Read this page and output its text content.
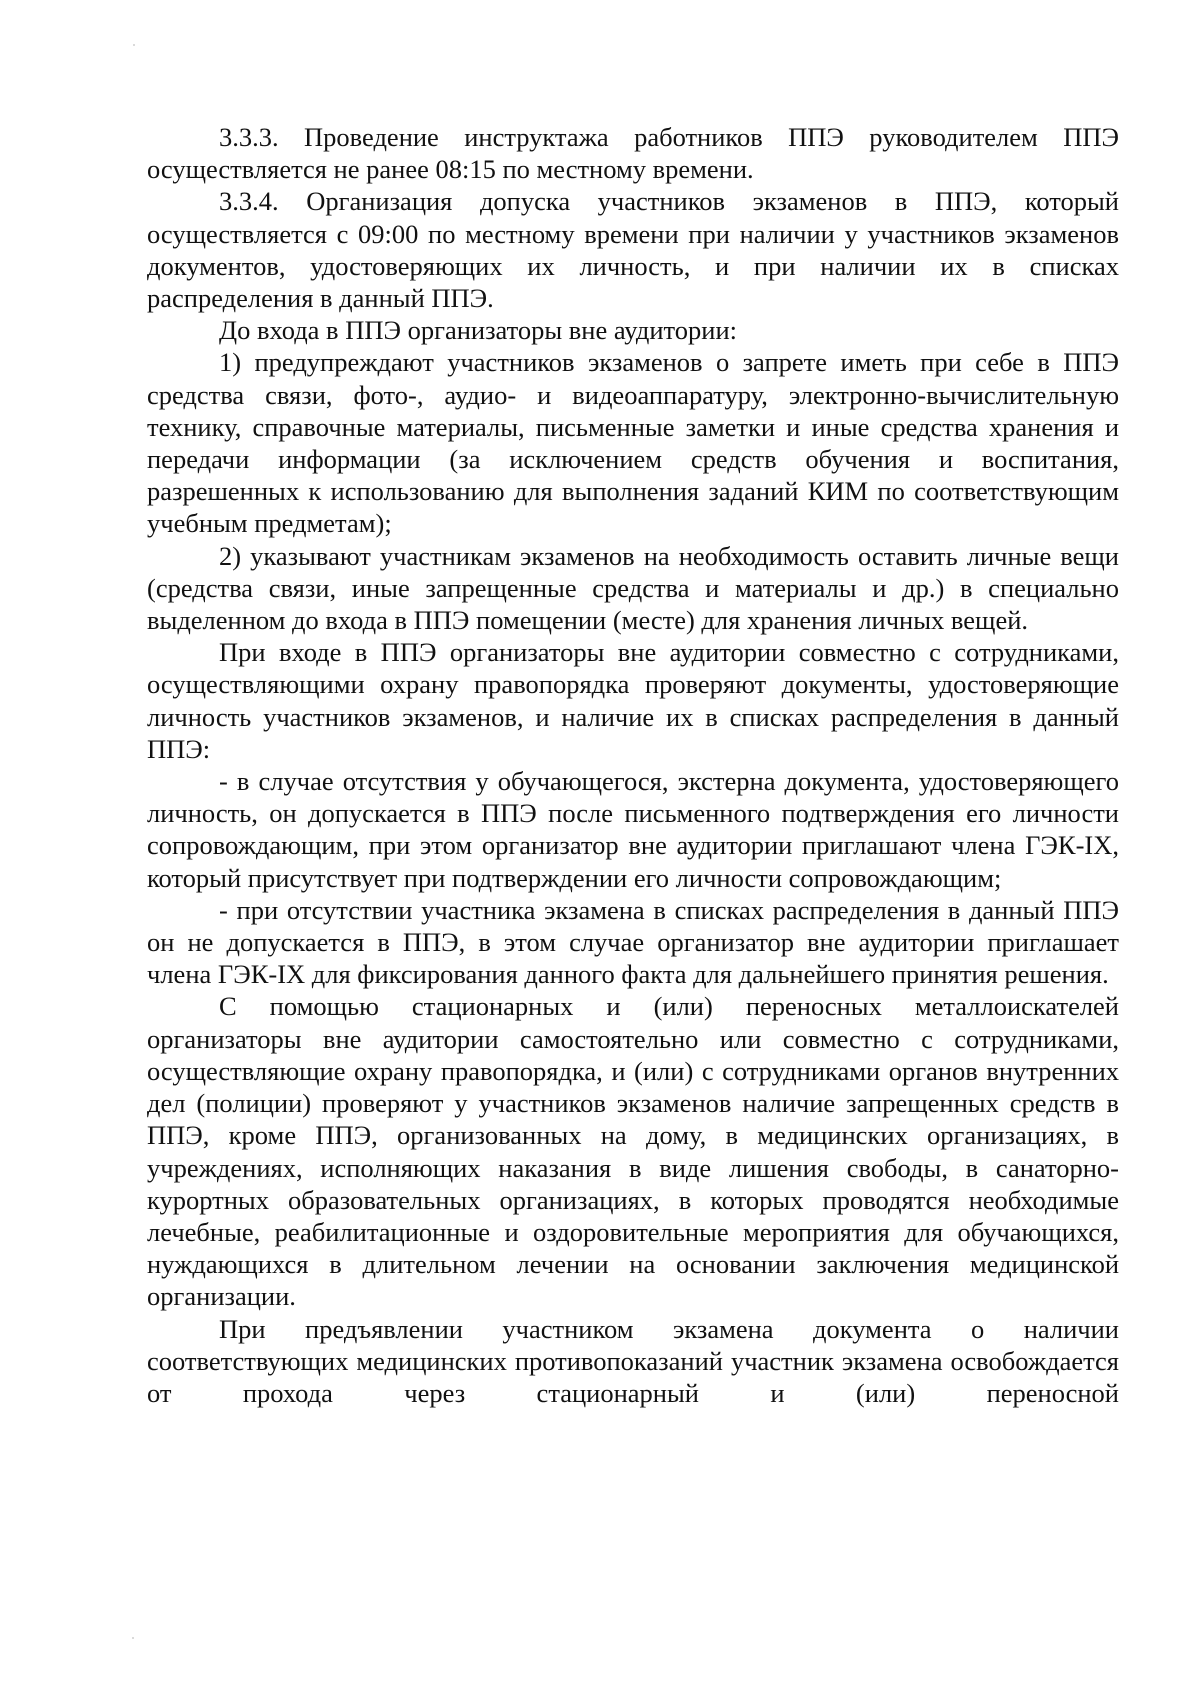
3.3.3. Проведение инструктажа работников ППЭ руководителем ППЭ осуществляется не ранее 08:15 по местному времени.

3.3.4. Организация допуска участников экзаменов в ППЭ, который осуществляется с 09:00 по местному времени при наличии у участников экзаменов документов, удостоверяющих их личность, и при наличии их в списках распределения в данный ППЭ.

До входа в ППЭ организаторы вне аудитории:

1) предупреждают участников экзаменов о запрете иметь при себе в ППЭ средства связи, фото-, аудио- и видеоаппаратуру, электронно-вычислительную технику, справочные материалы, письменные заметки и иные средства хранения и передачи информации (за исключением средств обучения и воспитания, разрешенных к использованию для выполнения заданий КИМ по соответствующим учебным предметам);

2) указывают участникам экзаменов на необходимость оставить личные вещи (средства связи, иные запрещенные средства и материалы и др.) в специально выделенном до входа в ППЭ помещении (месте) для хранения личных вещей.

При входе в ППЭ организаторы вне аудитории совместно с сотрудниками, осуществляющими охрану правопорядка проверяют документы, удостоверяющие личность участников экзаменов, и наличие их в списках распределения в данный ППЭ:

- в случае отсутствия у обучающегося, экстерна документа, удостоверяющего личность, он допускается в ППЭ после письменного подтверждения его личности сопровождающим, при этом организатор вне аудитории приглашают члена ГЭК-IX, который присутствует при подтверждении его личности сопровождающим;

- при отсутствии участника экзамена в списках распределения в данный ППЭ он не допускается в ППЭ, в этом случае организатор вне аудитории приглашает члена ГЭК-IX для фиксирования данного факта для дальнейшего принятия решения.

С помощью стационарных и (или) переносных металлоискателей организаторы вне аудитории самостоятельно или совместно с сотрудниками, осуществляющие охрану правопорядка, и (или) с сотрудниками органов внутренних дел (полиции) проверяют у участников экзаменов наличие запрещенных средств в ППЭ, кроме ППЭ, организованных на дому, в медицинских организациях, в учреждениях, исполняющих наказания в виде лишения свободы, в санаторно-курортных образовательных организациях, в которых проводятся необходимые лечебные, реабилитационные и оздоровительные мероприятия для обучающихся, нуждающихся в длительном лечении на основании заключения медицинской организации.

При предъявлении участником экзамена документа о наличии соответствующих медицинских противопоказаний участник экзамена освобождается от прохода через стационарный и (или) переносной
